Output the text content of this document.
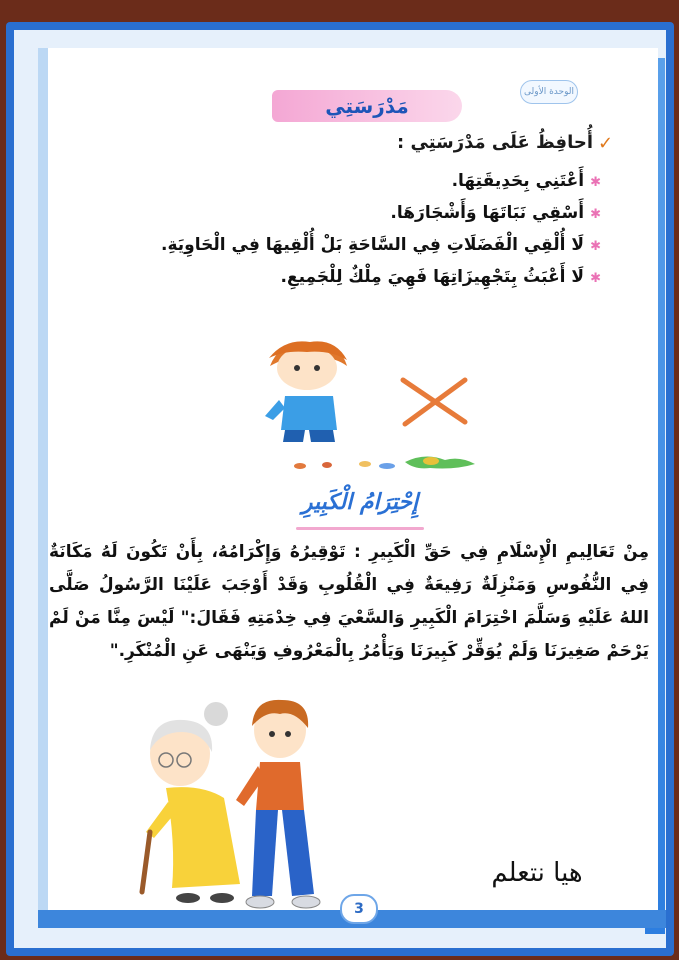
الوحدة الأولى
مَدْرَسَتِي
✓
أُحافِظُ عَلَى مَدْرَسَتِي :
✱أَعْتَنِي بِحَدِيقَتِهَا.
✱أَسْقِي نَبَاتَهَا وَأَشْجَارَهَا.
✱لَا أُلْقِي الْفَضَلَاتِ فِي السَّاحَةِ بَلْ أُلْقِيهَا فِي الْحَاوِيَةِ.
✱لَا أَعْبَثُ بِتَجْهِيزَاتِهَا فَهِيَ مِلْكٌ لِلْجَمِيعِ.
إِحْتِرَامُ الْكَبِيرِ

مِنْ تَعَالِيمِ الْإِسْلَامِ فِي حَقِّ الْكَبِيرِ : تَوْقِيرُهُ وَإِكْرَامُهُ، بِأَنْ تَكُونَ لَهُ مَكَانَةٌ فِي النُّفُوسِ وَمَنْزِلَةٌ رَفِيعَةٌ فِي الْقُلُوبِ وَقَدْ أَوْجَبَ عَلَيْنَا الرَّسُولُ صَلَّى اللهُ عَلَيْهِ وَسَلَّمَ احْتِرَامَ الْكَبِيرِ وَالسَّعْيَ فِي خِدْمَتِهِ فَقَالَ:" لَيْسَ مِنَّا مَنْ لَمْ يَرْحَمْ صَغِيرَنَا وَلَمْ يُوَقِّرْ كَبِيرَنَا وَيَأْمُرُ بِالْمَعْرُوفِ وَيَنْهَى عَنِ الْمُنْكَرِ."

هيا نتعلم
3
